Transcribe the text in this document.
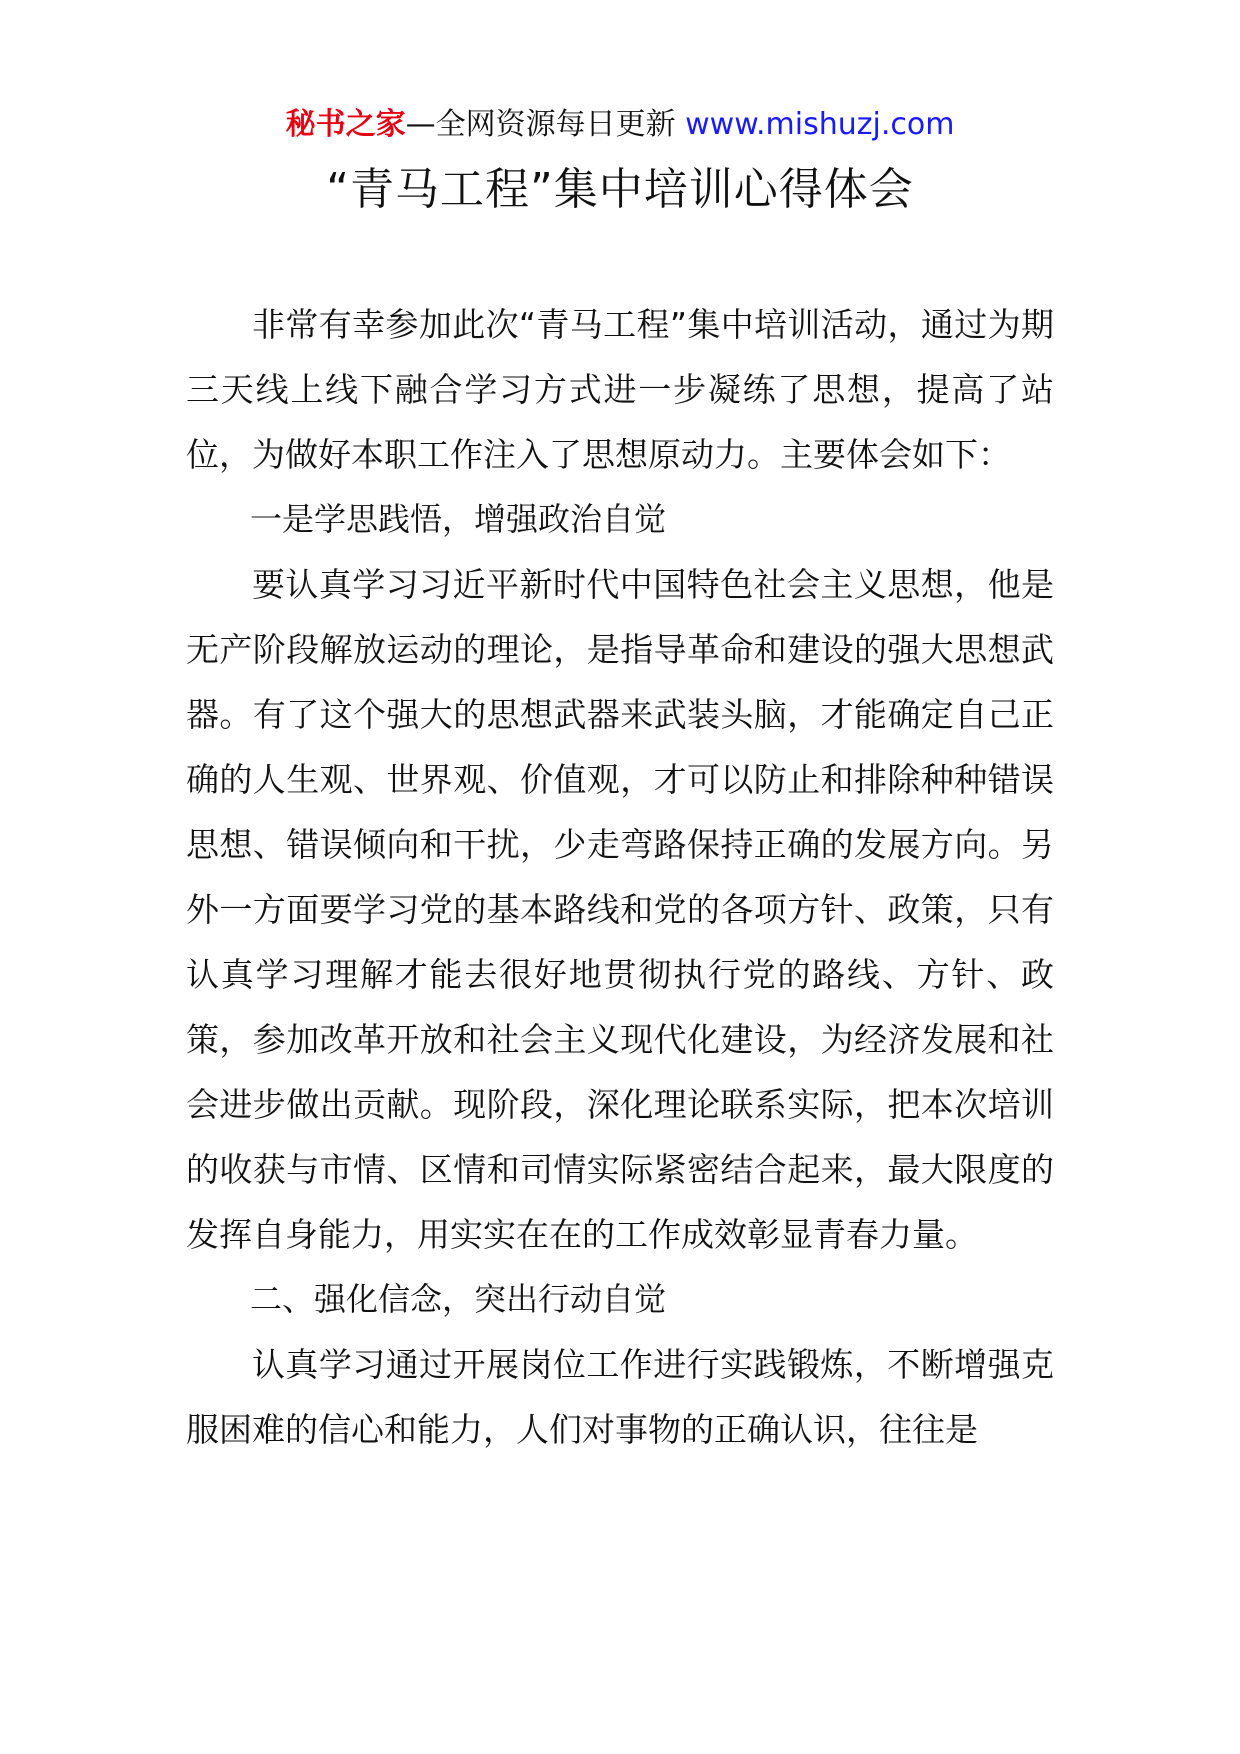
秘书之家—全网资源每日更新 www.mishuzj.com
“青马工程”集中培训心得体会

非常有幸参加此次“青马工程”集中培训活动，通过为期三天线上线下融合学习方式进一步凝练了思想，提高了站位，为做好本职工作注入了思想原动力。主要体会如下：

一是学思践悟，增强政治自觉

要认真学习习近平新时代中国特色社会主义思想，他是无产阶段解放运动的理论，是指导革命和建设的强大思想武器。有了这个强大的思想武器来武装头脑，才能确定自己正确的人生观、世界观、价值观，才可以防止和排除种种错误思想、错误倾向和干扰，少走弯路保持正确的发展方向。另外一方面要学习党的基本路线和党的各项方针、政策，只有认真学习理解才能去很好地贯彻执行党的路线、方针、政策，参加改革开放和社会主义现代化建设，为经济发展和社会进步做出贡献。现阶段，深化理论联系实际，把本次培训的收获与市情、区情和司情实际紧密结合起来，最大限度的发挥自身能力，用实实在在的工作成效彰显青春力量。

二、强化信念，突出行动自觉

认真学习通过开展岗位工作进行实践锻炼，不断增强克服困难的信心和能力，人们对事物的正确认识，往往是
